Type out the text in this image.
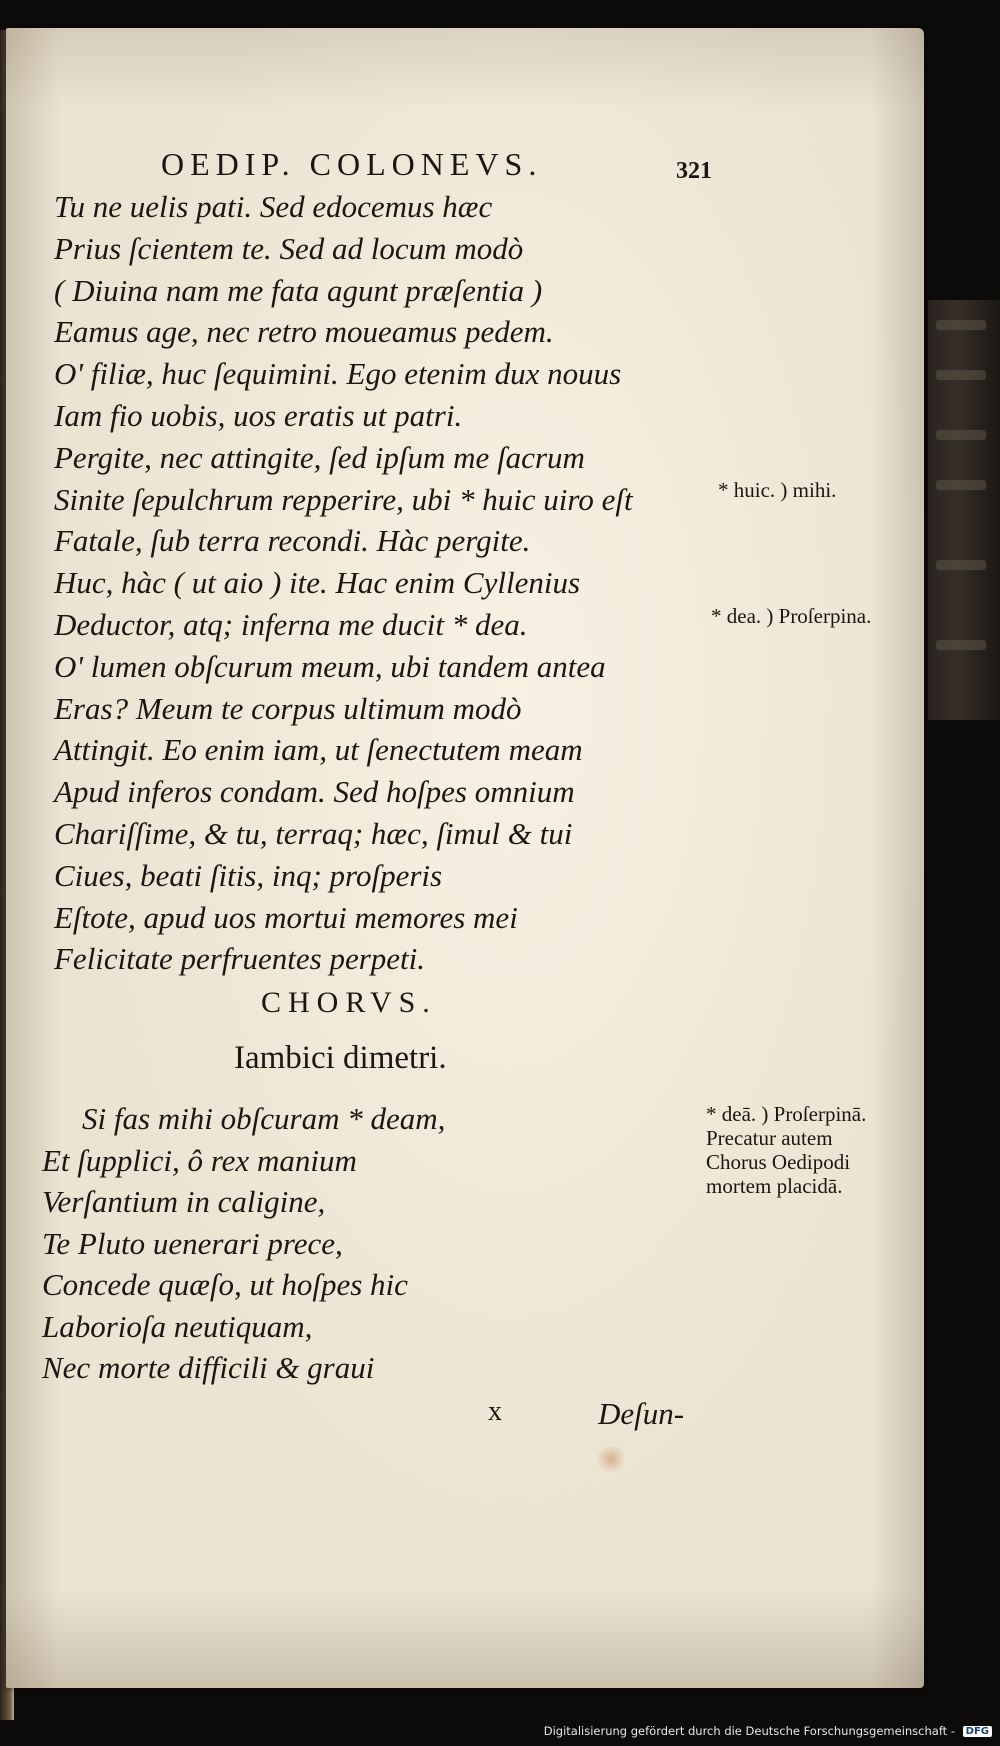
OEDIP. COLONEVS.	321
Tu ne uelis pati. Sed edocemus hæc
Prius ſcientem te. Sed ad locum modò
( Diuina nam me fata agunt præſentia )
Eamus age, nec retro moueamus pedem.
O' filiæ, huc ſequimini. Ego etenim dux nouus
Iam fio uobis, uos eratis ut patri.
Pergite, nec attingite, ſed ipſum me ſacrum
Sinite ſepulchrum repperire, ubi * huic uiro eſt
Fatale, ſub terra recondi. Hàc pergite.
Huc, hàc ( ut aio ) ite. Hac enim Cyllenius
Deductor, atq; inferna me ducit * dea.
O' lumen obſcurum meum, ubi tandem antea
Eras? Meum te corpus ultimum modò
Attingit. Eo enim iam, ut ſenectutem meam
Apud inferos condam. Sed hoſpes omnium
Chariſſime, & tu, terraq; hæc, ſimul & tui
Ciues, beati ſitis, inq; proſperis
Eſtote, apud uos mortui memores mei
Felicitate perfruentes perpeti.
CHORVS.
Iambici dimetri.
Si fas mihi obſcuram * deam,
Et ſupplici, ô rex manium
Verſantium in caligine,
Te Pluto uenerari prece,
Concede quæſo, ut hoſpes hic
Laborioſa neutiquam,
Nec morte difficili & graui
* huic. ) mihi.
* dea. ) Proſerpina.
* deā. ) Proſerpinā. Precatur autem Chorus Oedipodi mortem placidā.
x	Deſun-
Digitalisierung gefördert durch die Deutsche Forschungsgemeinschaft - DFG
